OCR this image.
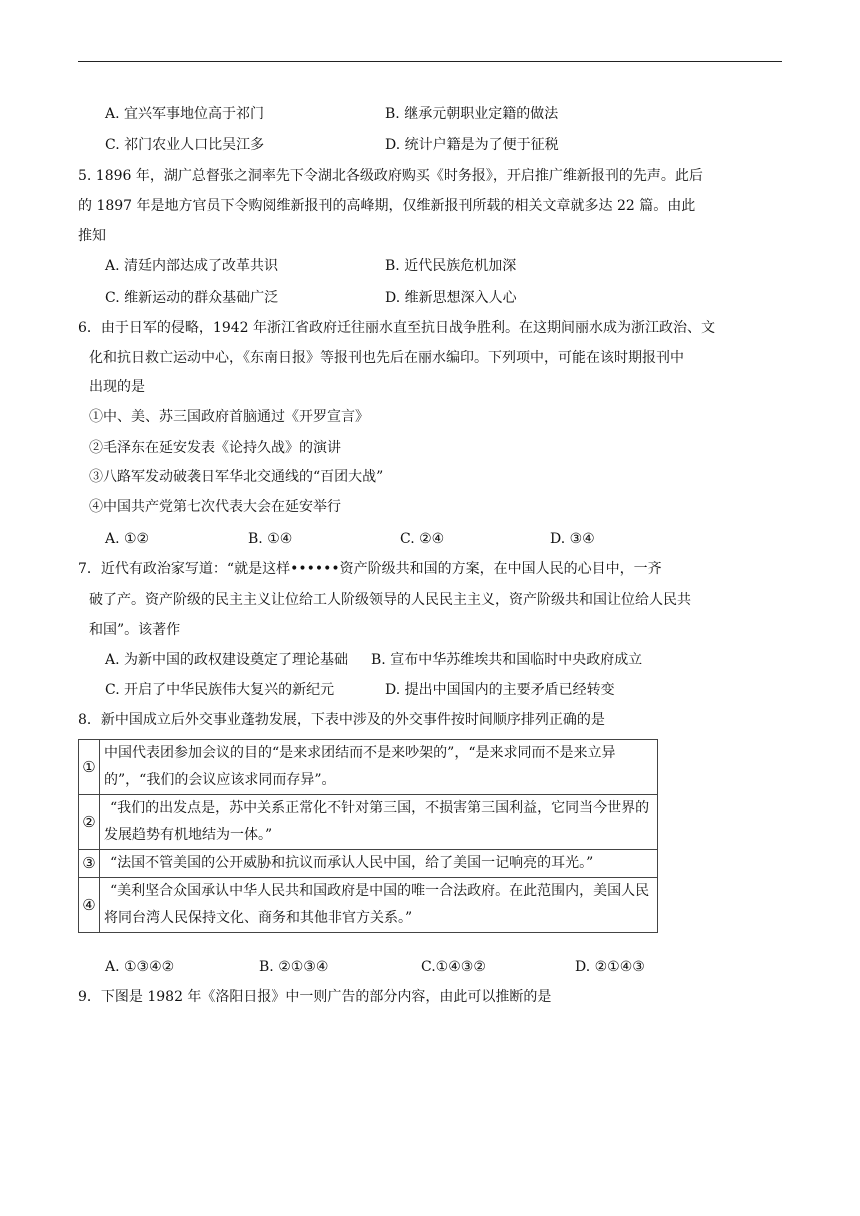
A. 宜兴军事地位高于祁门	B. 继承元朝职业定籍的做法
C. 祁门农业人口比吴江多	D. 统计户籍是为了便于征税
5. 1896 年，湖广总督张之洞率先下令湖北各级政府购买《时务报》，开启推广维新报刊的先声。此后
的 1897 年是地方官员下令购阅维新报刊的高峰期，仅维新报刊所载的相关文章就多达 22 篇。由此
推知
A. 清廷内部达成了改革共识	B. 近代民族危机加深
C. 维新运动的群众基础广泛	D. 维新思想深入人心
6．由于日军的侵略，1942 年浙江省政府迁往丽水直至抗日战争胜利。在这期间丽水成为浙江政治、文
化和抗日救亡运动中心，《东南日报》等报刊也先后在丽水编印。下列项中，可能在该时期报刊中
出现的是
①中、美、苏三国政府首脑通过《开罗宣言》
②毛泽东在延安发表《论持久战》的演讲
③八路军发动破袭日军华北交通线的“百团大战”
④中国共产党第七次代表大会在延安举行
A. ①②	B. ①④	C. ②④	D. ③④
7．近代有政治家写道：“就是这样••••••资产阶级共和国的方案，在中国人民的心目中，一齐
破了产。资产阶级的民主主义让位给工人阶级领导的人民民主主义，资产阶级共和国让位给人民共
和国”。该著作
A. 为新中国的政权建设奠定了理论基础 B. 宣布中华苏维埃共和国临时中央政府成立
C. 开启了中华民族伟大复兴的新纪元	D. 提出中国国内的主要矛盾已经转变
8．新中国成立后外交事业蓬勃发展，下表中涉及的外交事件按时间顺序排列正确的是
①	中国代表团参加会议的目的“是来求团结而不是来吵架的”，“是来求同而不是来立异的”，“我们的会议应该求同而存异”。
②	“我们的出发点是，苏中关系正常化不针对第三国，不损害第三国利益，它同当今世界的发展趋势有机地结为一体。”
③	“法国不管美国的公开威胁和抗议而承认人民中国，给了美国一记响亮的耳光。”
④	“美利坚合众国承认中华人民共和国政府是中国的唯一合法政府。在此范围内，美国人民将同台湾人民保持文化、商务和其他非官方关系。”
A. ①③④②	B. ②①③④	C.①④③②	D. ②①④③
9．下图是 1982 年《洛阳日报》中一则广告的部分内容，由此可以推断的是
